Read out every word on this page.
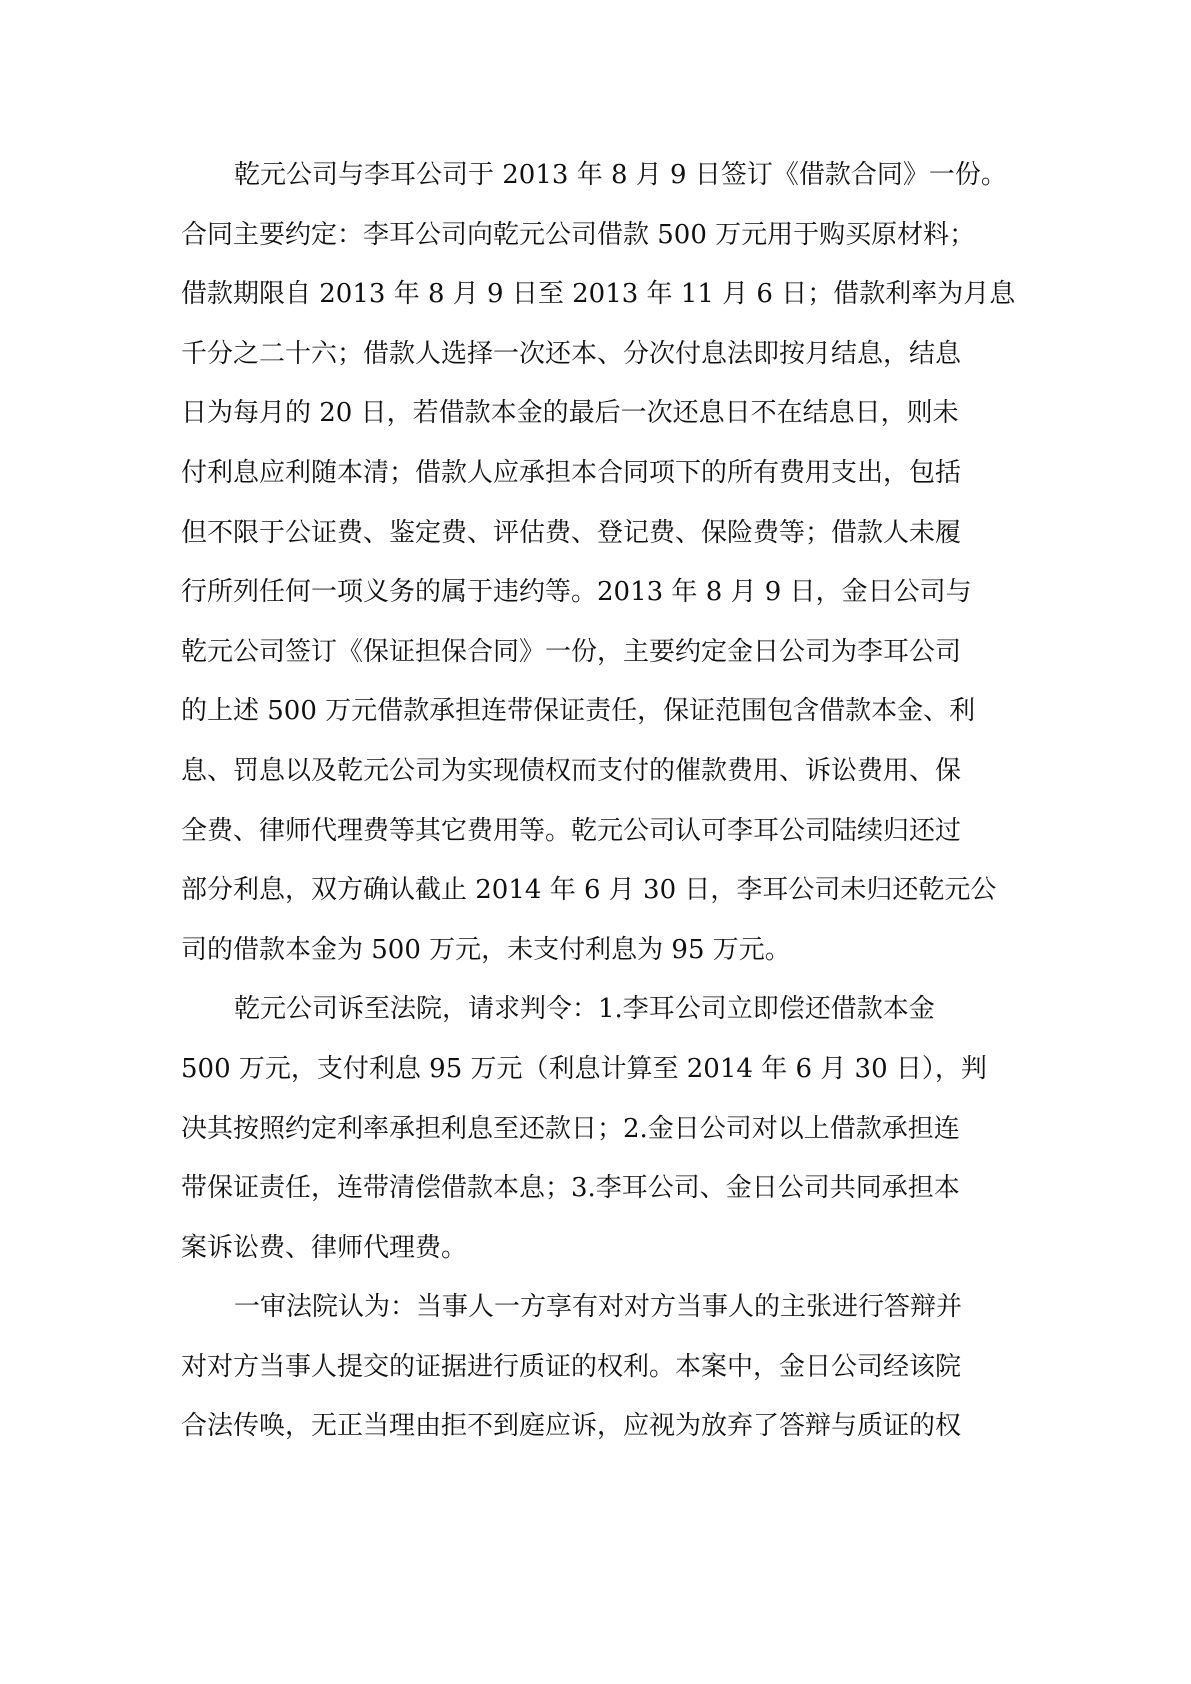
乾元公司与李耳公司于 2013 年 8 月 9 日签订《借款合同》一份。
合同主要约定：李耳公司向乾元公司借款 500 万元用于购买原材料；
借款期限自 2013 年 8 月 9 日至 2013 年 11 月 6 日；借款利率为月息
千分之二十六；借款人选择一次还本、分次付息法即按月结息，结息
日为每月的 20 日，若借款本金的最后一次还息日不在结息日，则未
付利息应利随本清；借款人应承担本合同项下的所有费用支出，包括
但不限于公证费、鉴定费、评估费、登记费、保险费等；借款人未履
行所列任何一项义务的属于违约等。2013 年 8 月 9 日，金日公司与
乾元公司签订《保证担保合同》一份，主要约定金日公司为李耳公司
的上述 500 万元借款承担连带保证责任，保证范围包含借款本金、利
息、罚息以及乾元公司为实现债权而支付的催款费用、诉讼费用、保
全费、律师代理费等其它费用等。乾元公司认可李耳公司陆续归还过
部分利息，双方确认截止 2014 年 6 月 30 日，李耳公司未归还乾元公
司的借款本金为 500 万元，未支付利息为 95 万元。

乾元公司诉至法院，请求判令：1.李耳公司立即偿还借款本金
500 万元，支付利息 95 万元（利息计算至 2014 年 6 月 30 日），判
决其按照约定利率承担利息至还款日；2.金日公司对以上借款承担连
带保证责任，连带清偿借款本息；3.李耳公司、金日公司共同承担本
案诉讼费、律师代理费。

一审法院认为：当事人一方享有对对方当事人的主张进行答辩并
对对方当事人提交的证据进行质证的权利。本案中，金日公司经该院
合法传唤，无正当理由拒不到庭应诉，应视为放弃了答辩与质证的权
